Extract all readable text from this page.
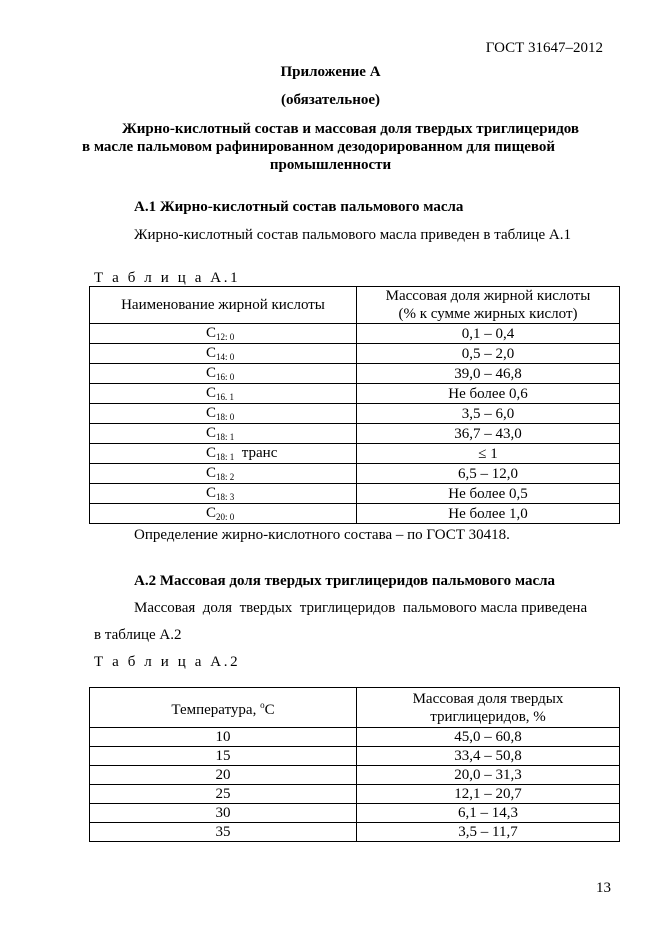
ГОСТ 31647–2012
Приложение А
(обязательное)
Жирно-кислотный состав и массовая доля твердых триглицеридов
в масле пальмовом рафинированном дезодорированном для пищевой
промышленности
А.1 Жирно-кислотный состав пальмового масла
Жирно-кислотный состав пальмового масла приведен в таблице А.1
Т а б л и ц а А.1
Наименование жирной кислоты	Массовая доля жирной кислоты
(% к сумме жирных кислот)

$C_{12: 0}$	0,1 – 0,4
$C_{14: 0}$	0,5 – 2,0
$C_{16: 0}$	39,0 – 46,8
$C_{16. 1}$	Не более 0,6
$C_{18: 0}$	3,5 – 6,0
$C_{18: 1}$	36,7 – 43,0
$C_{18: 1}$  транс	≤ 1
$C_{18: 2}$	6,5 – 12,0
$C_{18: 3}$	Не более 0,5
$C_{20: 0}$	Не более 1,0
Определение жирно-кислотного состава – по ГОСТ 30418.
А.2 Массовая доля твердых триглицеридов пальмового масла
Массовая  доля  твердых  триглицеридов  пальмового масла приведена
в таблице А.2
Т а б л и ц а А.2
Температура, $^o$С	Массовая доля твердых
триглицеридов, %

10	45,0 – 60,8
15	33,4 – 50,8
20	20,0 – 31,3
25	12,1 – 20,7
30	6,1 – 14,3
35	3,5 – 11,7
13
